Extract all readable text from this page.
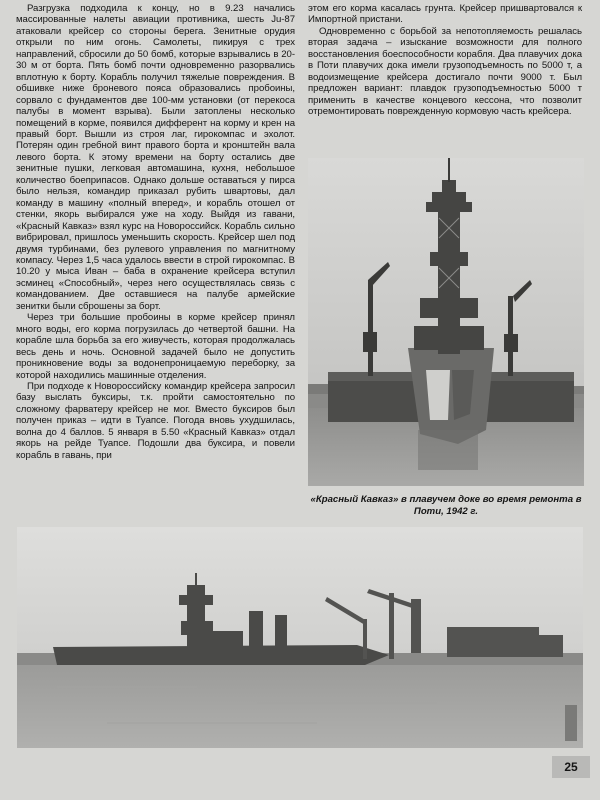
Разгрузка подходила к концу, но в 9.23 начались массированные налеты авиации противника, шесть Ju-87 атаковали крейсер со стороны берега. Зенитные орудия открыли по ним огонь. Самолеты, пикируя с трех направлений, сбросили до 50 бомб, которые взрывались в 20-30 м от борта. Пять бомб почти одновременно разорвались вплотную к борту. Корабль получил тяжелые повреждения. В обшивке ниже броневого пояса образовались пробоины, сорвало с фундаментов две 100-мм установки (от перекоса палубы в момент взрыва). Были затоплены несколько помещений в корме, появился дифферент на корму и крен на правый борт. Вышли из строя лаг, гирокомпас и эхолот. Потерян один гребной винт правого борта и кронштейн вала левого борта. К этому времени на борту остались две зенитные пушки, легковая автомашина, кухня, небольшое количество боеприпасов. Однако дольше оставаться у пирса было нельзя, командир приказал рубить швартовы, дал команду в машину «полный вперед», и корабль отошел от стенки, якорь выбирался уже на ходу. Выйдя из гавани, «Красный Кавказ» взял курс на Новороссийск. Корабль сильно вибрировал, пришлось уменьшить скорость. Крейсер шел под двумя турбинами, без рулевого управления по магнитному компасу. Через 1,5 часа удалось ввести в строй гирокомпас. В 10.20 у мыса Иван – баба в охранение крейсера вступил эсминец «Способный», через него осуществлялась связь с командованием. Две оставшиеся на палубе армейские зенитки были сброшены за борт.

Через три большие пробоины в корме крейсер принял много воды, его корма погрузилась до четвертой башни. На корабле шла борьба за его живучесть, которая продолжалась весь день и ночь. Основной задачей было не допустить проникновение воды за водонепроницаемую переборку, за которой находились машинные отделения.

При подходе к Новороссийску командир крейсера запросил базу выслать буксиры, т.к. пройти самостоятельно по сложному фарватеру крейсер не мог. Вместо буксиров был получен приказ – идти в Туапсе. Погода вновь ухудшилась, волна до 4 баллов. 5 января в 5.50 «Красный Кавказ» отдал якорь на рейде Туапсе. Подошли два буксира, и повели корабль в гавань, при

этом его корма касалась грунта. Крейсер пришвартовался к Импортной пристани.

Одновременно с борьбой за непотопляемость решалась вторая задача – изыскание возможности для полного восстановления боеспособности корабля. Два плавучих дока в Поти плавучих дока имели грузоподъемность по 5000 т, а водоизмещение крейсера достигало почти 9000 т. Был предложен вариант: плавдок грузоподъемностью 5000 т применить в качестве концевого кессона, что позволит отремонтировать поврежденную кормовую часть крейсера.

«Красный Кавказ» в плавучем доке во время ремонта в Поти, 1942 г.
25
